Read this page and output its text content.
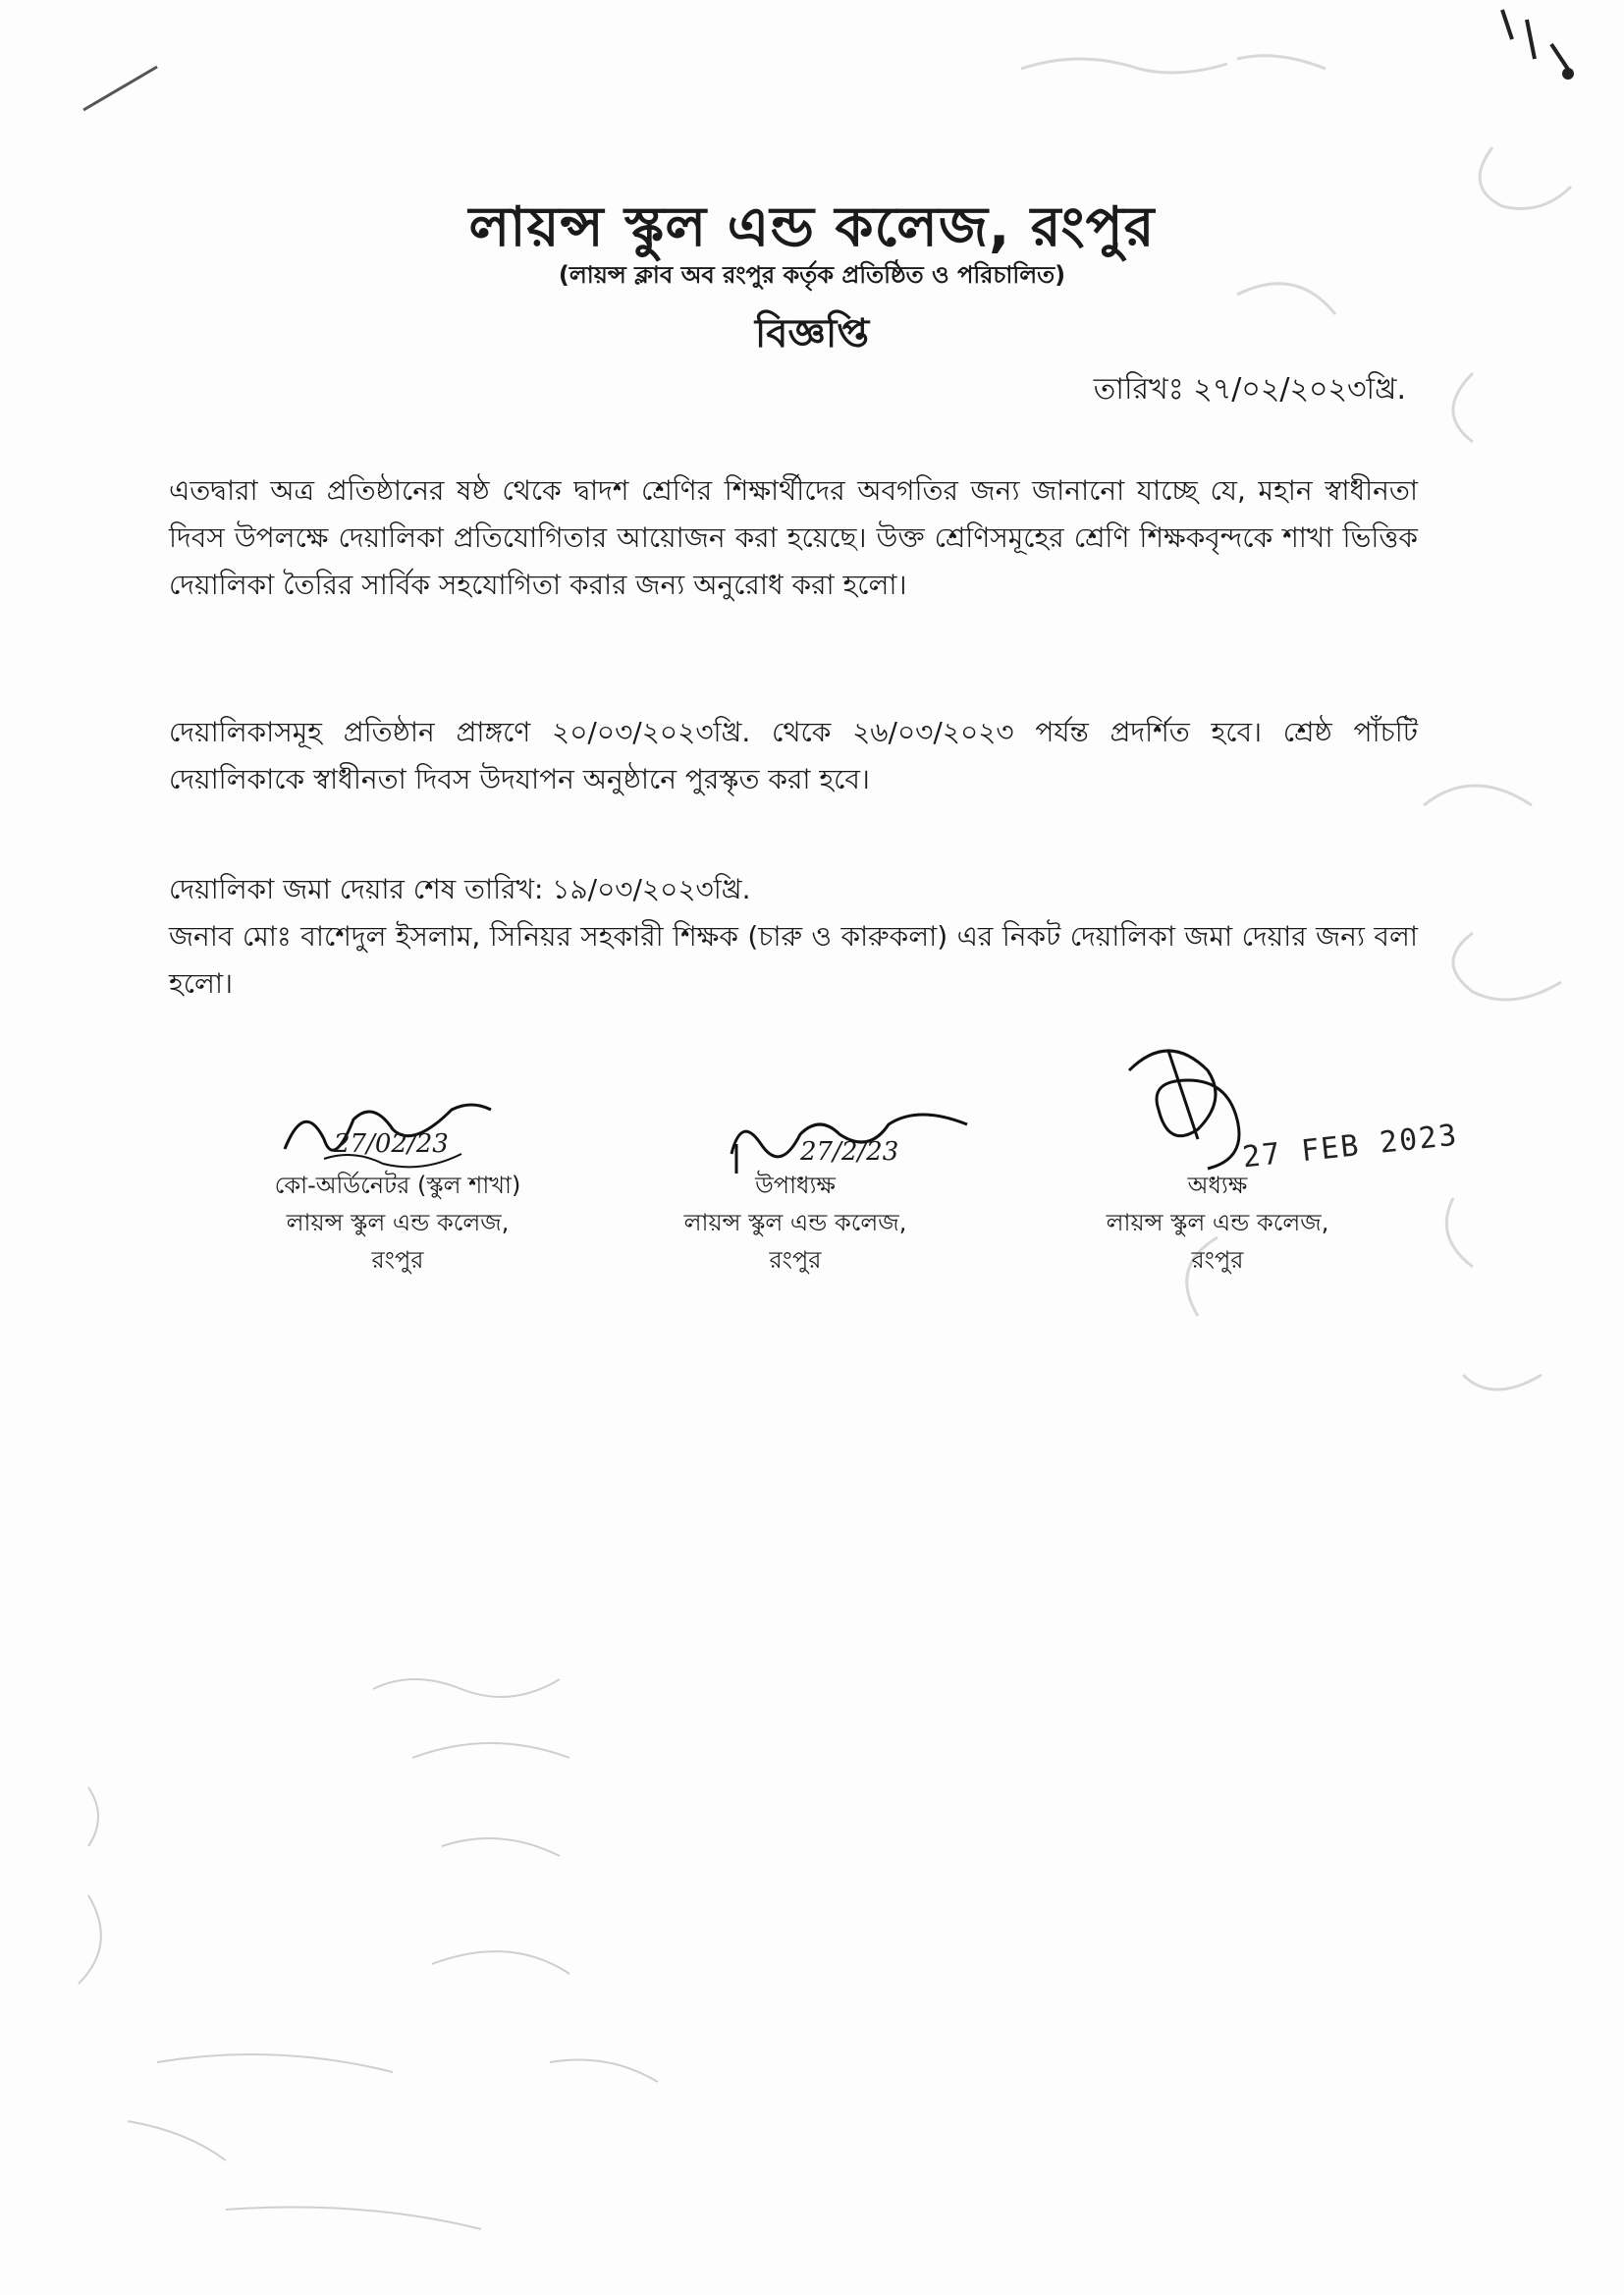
লায়ন্স স্কুল এন্ড কলেজ, রংপুর
(লায়ন্স ক্লাব অব রংপুর কর্তৃক প্রতিষ্ঠিত ও পরিচালিত)
বিজ্ঞপ্তি
তারিখঃ ২৭/০২/২০২৩খ্রি.
এতদ্বারা অত্র প্রতিষ্ঠানের ষষ্ঠ থেকে দ্বাদশ শ্রেণির শিক্ষার্থীদের অবগতির জন্য জানানো যাচ্ছে যে, মহান স্বাধীনতা দিবস উপলক্ষে দেয়ালিকা প্রতিযোগিতার আয়োজন করা হয়েছে। উক্ত শ্রেণিসমূহের শ্রেণি শিক্ষকবৃন্দকে শাখা ভিত্তিক দেয়ালিকা তৈরির সার্বিক সহযোগিতা করার জন্য অনুরোধ করা হলো।
দেয়ালিকাসমূহ প্রতিষ্ঠান প্রাঙ্গণে ২০/০৩/২০২৩খ্রি. থেকে ২৬/০৩/২০২৩ পর্যন্ত প্রদর্শিত হবে। শ্রেষ্ঠ পাঁচটি দেয়ালিকাকে স্বাধীনতা দিবস উদযাপন অনুষ্ঠানে পুরস্কৃত করা হবে।
দেয়ালিকা জমা দেয়ার শেষ তারিখ: ১৯/০৩/২০২৩খ্রি.
জনাব মোঃ বাশেদুল ইসলাম, সিনিয়র সহকারী শিক্ষক (চারু ও কারুকলা) এর নিকট দেয়ালিকা জমা দেয়ার জন্য বলা হলো।
27/02/23	27/2/23	27 FEB 2023
কো-অর্ডিনেটর (স্কুল শাখা)
লায়ন্স স্কুল এন্ড কলেজ,
রংপুর
উপাধ্যক্ষ
লায়ন্স স্কুল এন্ড কলেজ,
রংপুর
অধ্যক্ষ
লায়ন্স স্কুল এন্ড কলেজ,
রংপুর
